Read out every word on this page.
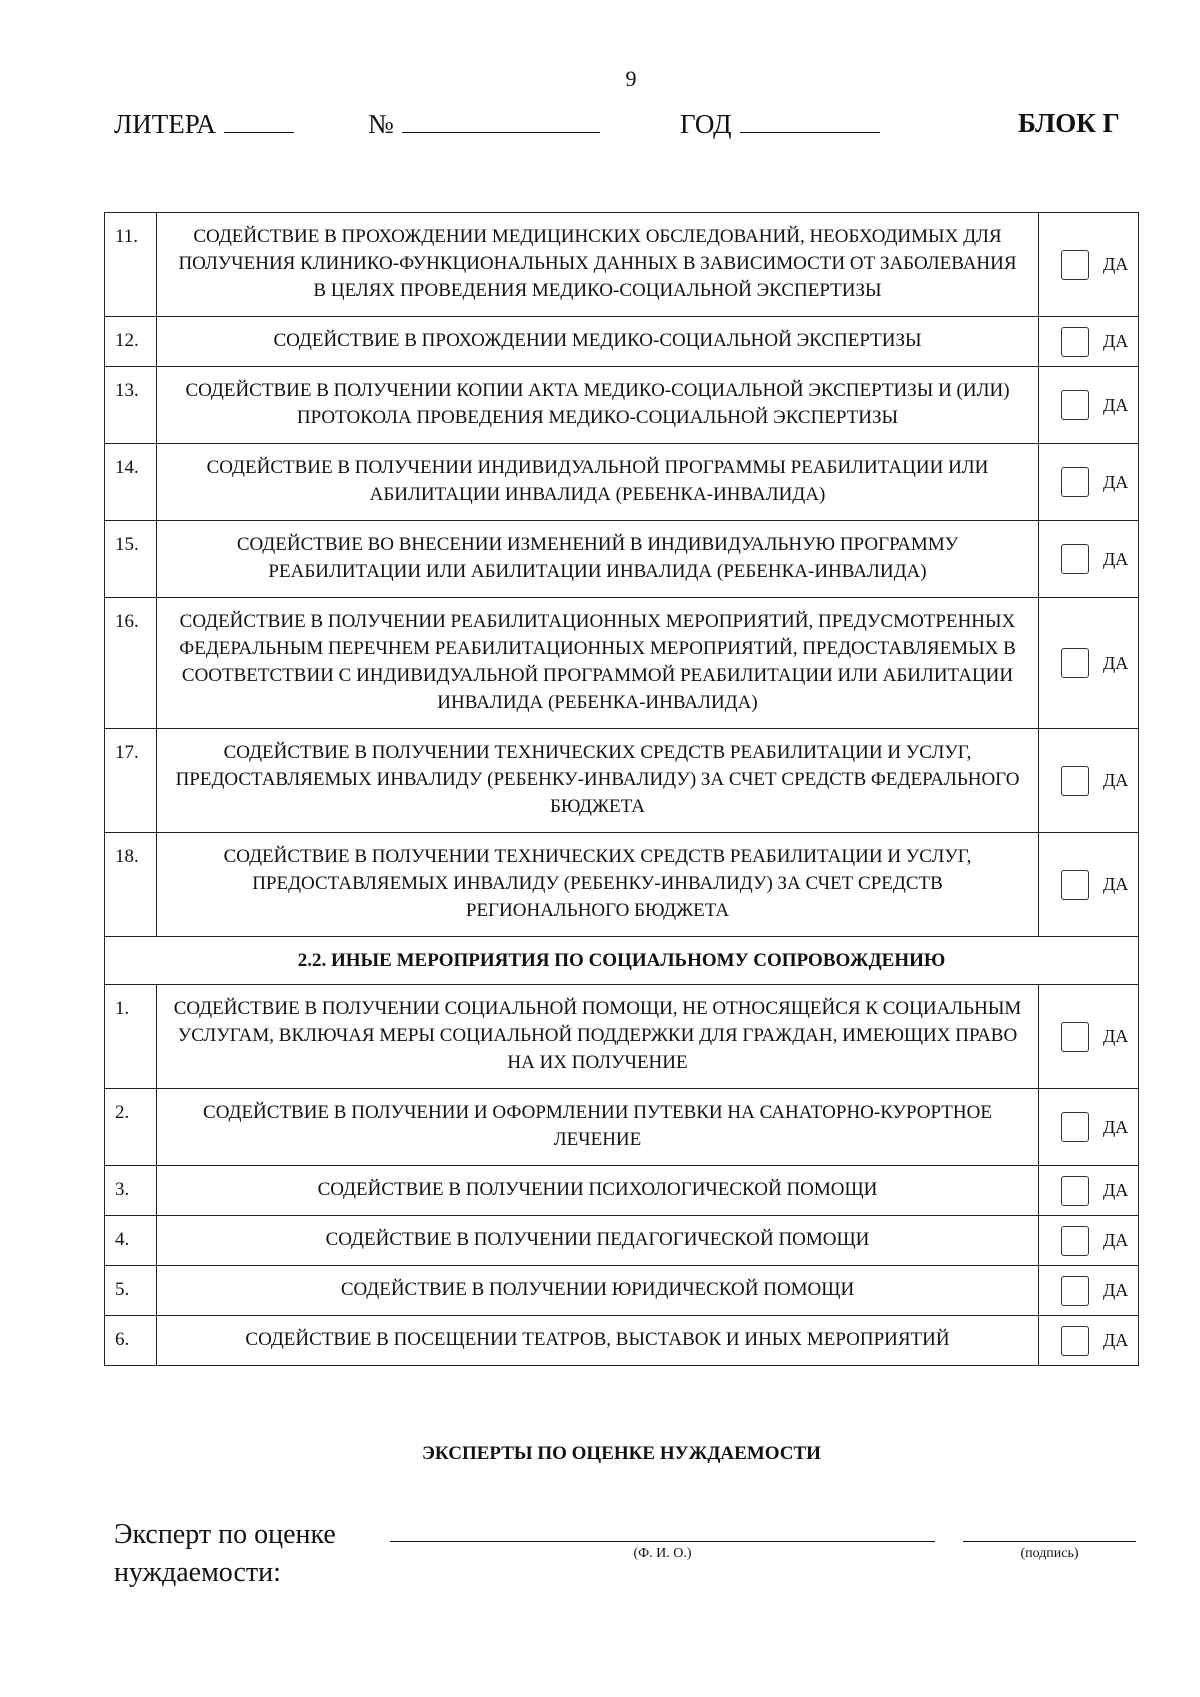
9
ЛИТЕРА	№	ГОД	БЛОК Г
11.	СОДЕЙСТВИЕ В ПРОХОЖДЕНИИ МЕДИЦИНСКИХ ОБСЛЕДОВАНИЙ, НЕОБХОДИМЫХ ДЛЯ ПОЛУЧЕНИЯ КЛИНИКО-ФУНКЦИОНАЛЬНЫХ ДАННЫХ В ЗАВИСИМОСТИ ОТ ЗАБОЛЕВАНИЯ В ЦЕЛЯХ ПРОВЕДЕНИЯ МЕДИКО-СОЦИАЛЬНОЙ ЭКСПЕРТИЗЫ	ДА

12.	СОДЕЙСТВИЕ В ПРОХОЖДЕНИИ МЕДИКО-СОЦИАЛЬНОЙ ЭКСПЕРТИЗЫ	ДА

13.	СОДЕЙСТВИЕ В ПОЛУЧЕНИИ КОПИИ АКТА МЕДИКО-СОЦИАЛЬНОЙ ЭКСПЕРТИЗЫ И (ИЛИ) ПРОТОКОЛА ПРОВЕДЕНИЯ МЕДИКО-СОЦИАЛЬНОЙ ЭКСПЕРТИЗЫ	ДА

14.	СОДЕЙСТВИЕ В ПОЛУЧЕНИИ ИНДИВИДУАЛЬНОЙ ПРОГРАММЫ РЕАБИЛИТАЦИИ ИЛИ АБИЛИТАЦИИ ИНВАЛИДА (РЕБЕНКА-ИНВАЛИДА)	ДА

15.	СОДЕЙСТВИЕ ВО ВНЕСЕНИИ ИЗМЕНЕНИЙ В ИНДИВИДУАЛЬНУЮ ПРОГРАММУ РЕАБИЛИТАЦИИ ИЛИ АБИЛИТАЦИИ ИНВАЛИДА (РЕБЕНКА-ИНВАЛИДА)	ДА

16.	СОДЕЙСТВИЕ В ПОЛУЧЕНИИ РЕАБИЛИТАЦИОННЫХ МЕРОПРИЯТИЙ, ПРЕДУСМОТРЕННЫХ ФЕДЕРАЛЬНЫМ ПЕРЕЧНЕМ РЕАБИЛИТАЦИОННЫХ МЕРОПРИЯТИЙ, ПРЕДОСТАВЛЯЕМЫХ В СООТВЕТСТВИИ С ИНДИВИДУАЛЬНОЙ ПРОГРАММОЙ РЕАБИЛИТАЦИИ ИЛИ АБИЛИТАЦИИ ИНВАЛИДА (РЕБЕНКА-ИНВАЛИДА)	ДА

17.	СОДЕЙСТВИЕ В ПОЛУЧЕНИИ ТЕХНИЧЕСКИХ СРЕДСТВ РЕАБИЛИТАЦИИ И УСЛУГ, ПРЕДОСТАВЛЯЕМЫХ ИНВАЛИДУ (РЕБЕНКУ-ИНВАЛИДУ) ЗА СЧЕТ СРЕДСТВ ФЕДЕРАЛЬНОГО БЮДЖЕТА	ДА

18.	СОДЕЙСТВИЕ В ПОЛУЧЕНИИ ТЕХНИЧЕСКИХ СРЕДСТВ РЕАБИЛИТАЦИИ И УСЛУГ, ПРЕДОСТАВЛЯЕМЫХ ИНВАЛИДУ (РЕБЕНКУ-ИНВАЛИДУ) ЗА СЧЕТ СРЕДСТВ РЕГИОНАЛЬНОГО БЮДЖЕТА	ДА

2.2. ИНЫЕ МЕРОПРИЯТИЯ ПО СОЦИАЛЬНОМУ СОПРОВОЖДЕНИЮ		
1.	СОДЕЙСТВИЕ В ПОЛУЧЕНИИ СОЦИАЛЬНОЙ ПОМОЩИ, НЕ ОТНОСЯЩЕЙСЯ К СОЦИАЛЬНЫМ УСЛУГАМ, ВКЛЮЧАЯ МЕРЫ СОЦИАЛЬНОЙ ПОДДЕРЖКИ ДЛЯ ГРАЖДАН, ИМЕЮЩИХ ПРАВО НА ИХ ПОЛУЧЕНИЕ	ДА

2.	СОДЕЙСТВИЕ В ПОЛУЧЕНИИ И ОФОРМЛЕНИИ ПУТЕВКИ НА САНАТОРНО-КУРОРТНОЕ ЛЕЧЕНИЕ	ДА

3.	СОДЕЙСТВИЕ В ПОЛУЧЕНИИ ПСИХОЛОГИЧЕСКОЙ ПОМОЩИ	ДА

4.	СОДЕЙСТВИЕ В ПОЛУЧЕНИИ ПЕДАГОГИЧЕСКОЙ ПОМОЩИ	ДА

5.	СОДЕЙСТВИЕ В ПОЛУЧЕНИИ ЮРИДИЧЕСКОЙ ПОМОЩИ	ДА

6.	СОДЕЙСТВИЕ В ПОСЕЩЕНИИ ТЕАТРОВ, ВЫСТАВОК И ИНЫХ МЕРОПРИЯТИЙ	ДА
ЭКСПЕРТЫ ПО ОЦЕНКЕ НУЖДАЕМОСТИ
Эксперт по оценке
нуждаемости:
(Ф. И. О.)	(подпись)
